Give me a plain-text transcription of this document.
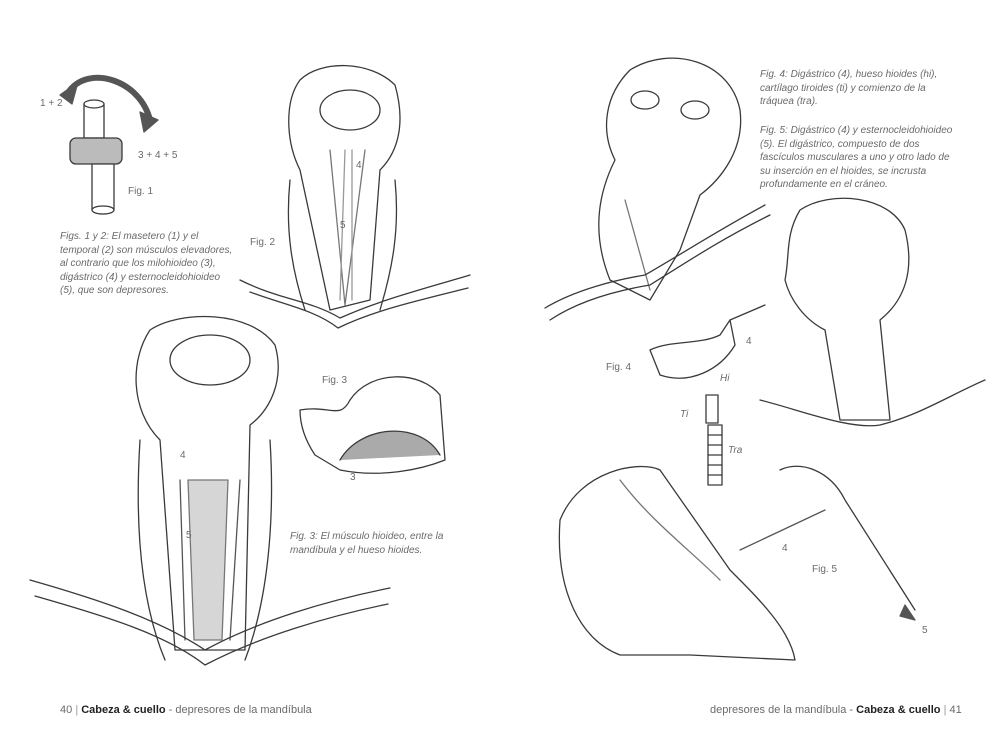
1 + 2
3 + 4 + 5
Fig. 1
Figs. 1 y 2: El masetero (1) y el temporal (2) son músculos elevadores, al contrario que los milohioideo (3), digástrico (4) y esternocleidohioideo (5), que son depresores.
Fig. 2
4
5
Fig. 3
4
5
3
Fig. 3: El músculo hioideo, entre la mandíbula y el hueso hioides.
40 | Cabeza & cuello - depresores de la mandíbula
Fig. 4: Digástrico (4), hueso hioides (hi), cartílago tiroides (ti) y comienzo de la tráquea (tra).
Fig. 5: Digástrico (4) y esternocleidohioideo (5). El digástrico, compuesto de dos fascículos musculares a uno y otro lado de su inserción en el hioides, se incrusta profundamente en el cráneo.
Fig. 4
4
Hi
Ti
Tra
4
Fig. 5
5
depresores de la mandíbula - Cabeza & cuello | 41
